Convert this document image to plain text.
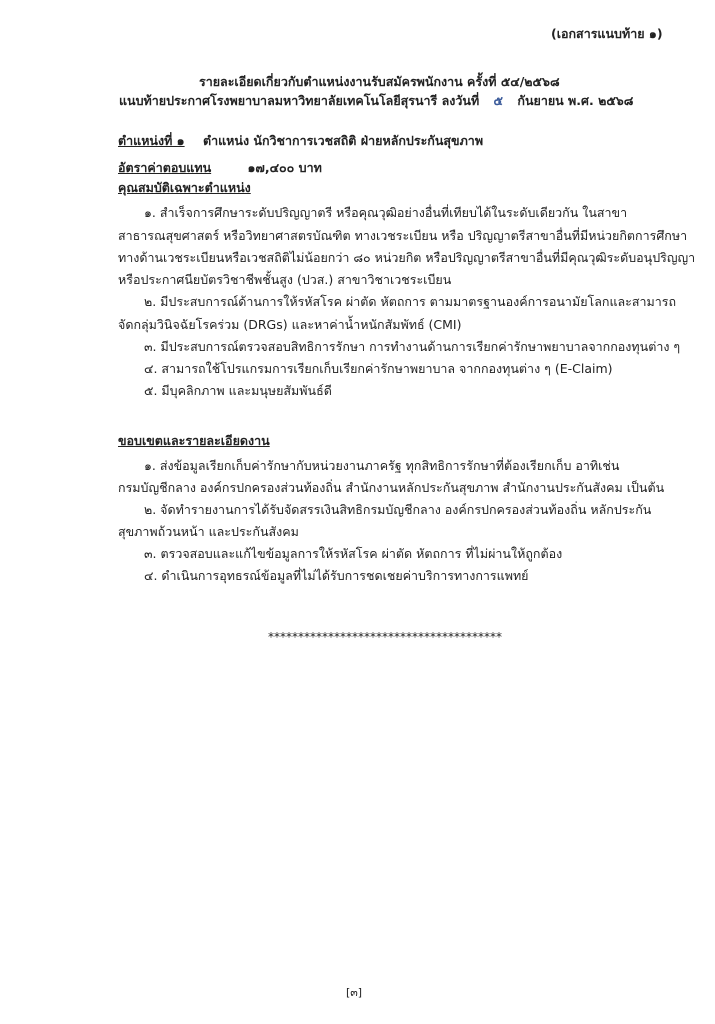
(เอกสารแนบท้าย ๑)
รายละเอียดเกี่ยวกับตำแหน่งงานรับสมัครพนักงาน ครั้งที่ ๕๔/๒๕๖๘
แนบท้ายประกาศโรงพยาบาลมหาวิทยาลัยเทคโนโลยีสุรนารี ลงวันที่ ๕ กันยายน พ.ศ. ๒๕๖๘
ตำแหน่งที่ ๑ ตำแหน่ง นักวิชาการเวชสถิติ ฝ่ายหลักประกันสุขภาพ
อัตราค่าตอบแทน	๑๗,๔๐๐ บาท
คุณสมบัติเฉพาะตำแหน่ง
๑. สำเร็จการศึกษาระดับปริญญาตรี หรือคุณวุฒิอย่างอื่นที่เทียบได้ในระดับเดียวกัน ในสาขา
สาธารณสุขศาสตร์ หรือวิทยาศาสตรบัณฑิต ทางเวชระเบียน หรือ ปริญญาตรีสาขาอื่นที่มีหน่วยกิตการศึกษา
ทางด้านเวชระเบียนหรือเวชสถิติไม่น้อยกว่า ๘๐ หน่วยกิต หรือปริญญาตรีสาขาอื่นที่มีคุณวุฒิระดับอนุปริญญา
หรือประกาศนียบัตรวิชาชีพชั้นสูง (ปวส.) สาขาวิชาเวชระเบียน
๒. มีประสบการณ์ด้านการให้รหัสโรค ผ่าตัด หัตถการ ตามมาตรฐานองค์การอนามัยโลกและสามารถ
จัดกลุ่มวินิจฉัยโรคร่วม (DRGs) และหาค่าน้ำหนักสัมพัทธ์ (CMI)
๓. มีประสบการณ์ตรวจสอบสิทธิการรักษา การทำงานด้านการเรียกค่ารักษาพยาบาลจากกองทุนต่าง ๆ
๔. สามารถใช้โปรแกรมการเรียกเก็บเรียกค่ารักษาพยาบาล จากกองทุนต่าง ๆ (E-Claim)
๕. มีบุคลิกภาพ และมนุษยสัมพันธ์ดี
ขอบเขตและรายละเอียดงาน
๑. ส่งข้อมูลเรียกเก็บค่ารักษากับหน่วยงานภาครัฐ ทุกสิทธิการรักษาที่ต้องเรียกเก็บ อาทิเช่น
กรมบัญชีกลาง องค์กรปกครองส่วนท้องถิ่น สำนักงานหลักประกันสุขภาพ สำนักงานประกันสังคม เป็นต้น
๒. จัดทำรายงานการได้รับจัดสรรเงินสิทธิกรมบัญชีกลาง องค์กรปกครองส่วนท้องถิ่น หลักประกัน
สุขภาพถ้วนหน้า และประกันสังคม
๓. ตรวจสอบและแก้ไขข้อมูลการให้รหัสโรค ผ่าตัด หัตถการ ที่ไม่ผ่านให้ถูกต้อง
๔. ดำเนินการอุทธรณ์ข้อมูลที่ไม่ได้รับการชดเชยค่าบริการทางการแพทย์
***************************************
[๓]
